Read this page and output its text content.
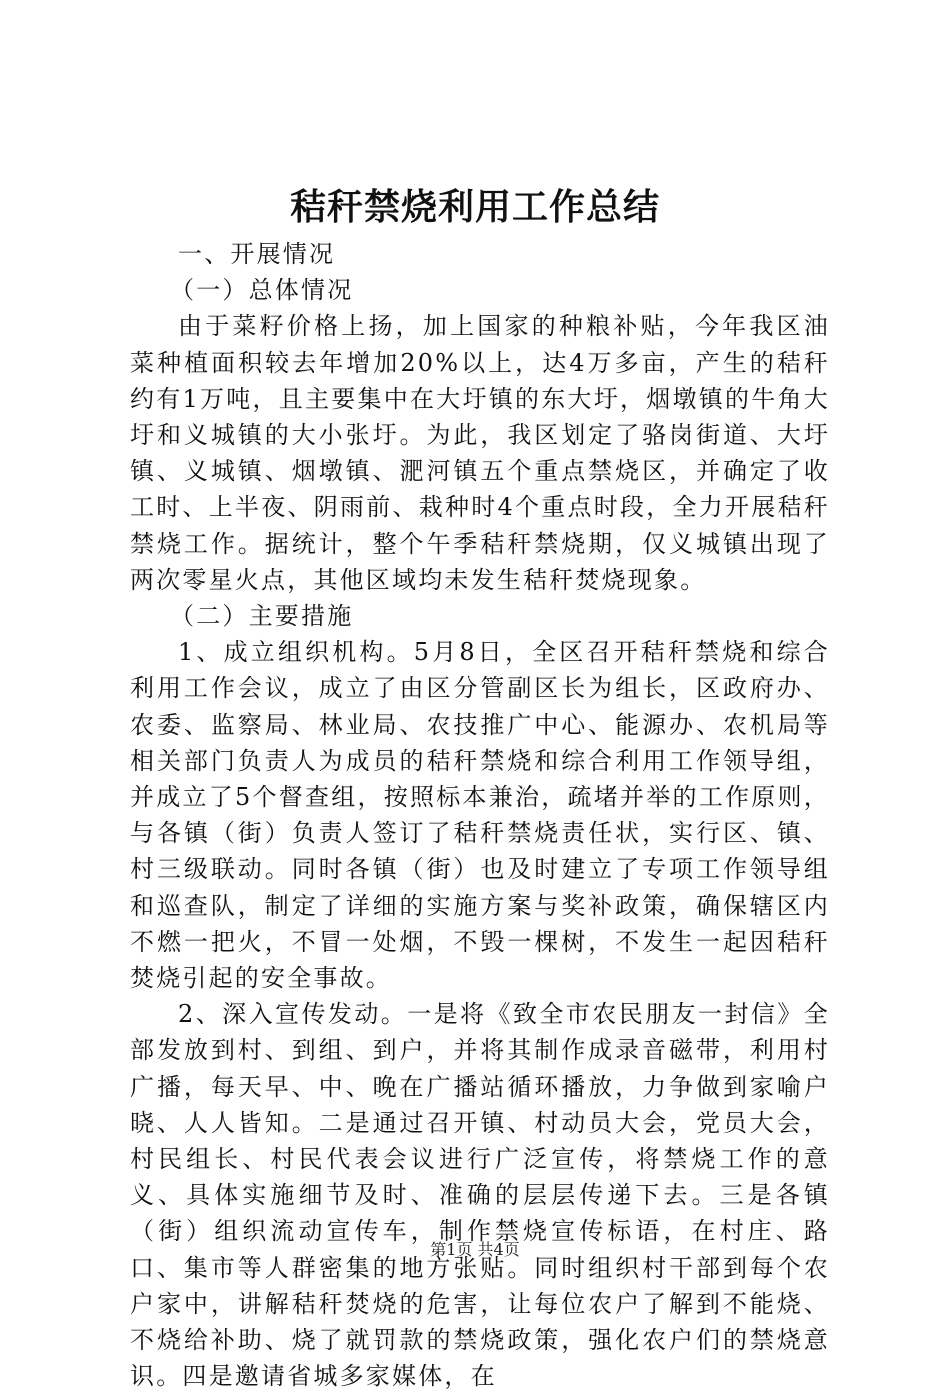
秸秆禁烧利用工作总结

一、开展情况

（一）总体情况

由于菜籽价格上扬，加上国家的种粮补贴，今年我区油菜种植面积较去年增加20%以上，达4万多亩，产生的秸秆约有1万吨，且主要集中在大圩镇的东大圩，烟墩镇的牛角大圩和义城镇的大小张圩。为此，我区划定了骆岗街道、大圩镇、义城镇、烟墩镇、淝河镇五个重点禁烧区，并确定了收工时、上半夜、阴雨前、栽种时4个重点时段，全力开展秸秆禁烧工作。据统计，整个午季秸秆禁烧期，仅义城镇出现了两次零星火点，其他区域均未发生秸秆焚烧现象。

（二）主要措施

1、成立组织机构。5月8日，全区召开秸秆禁烧和综合利用工作会议，成立了由区分管副区长为组长，区政府办、农委、监察局、林业局、农技推广中心、能源办、农机局等相关部门负责人为成员的秸秆禁烧和综合利用工作领导组，并成立了5个督查组，按照标本兼治，疏堵并举的工作原则，与各镇（街）负责人签订了秸秆禁烧责任状，实行区、镇、村三级联动。同时各镇（街）也及时建立了专项工作领导组和巡查队，制定了详细的实施方案与奖补政策，确保辖区内不燃一把火，不冒一处烟，不毁一棵树，不发生一起因秸秆焚烧引起的安全事故。

2、深入宣传发动。一是将《致全市农民朋友一封信》全部发放到村、到组、到户，并将其制作成录音磁带，利用村广播，每天早、中、晚在广播站循环播放，力争做到家喻户晓、人人皆知。二是通过召开镇、村动员大会，党员大会，村民组长、村民代表会议进行广泛宣传，将禁烧工作的意义、具体实施细节及时、准确的层层传递下去。三是各镇（街）组织流动宣传车，制作禁烧宣传标语，在村庄、路口、集市等人群密集的地方张贴。同时组织村干部到每个农户家中，讲解秸秆焚烧的危害，让每位农户了解到不能烧、不烧给补助、烧了就罚款的禁烧政策，强化农户们的禁烧意识。四是邀请省城多家媒体，在

第1页 共4页
